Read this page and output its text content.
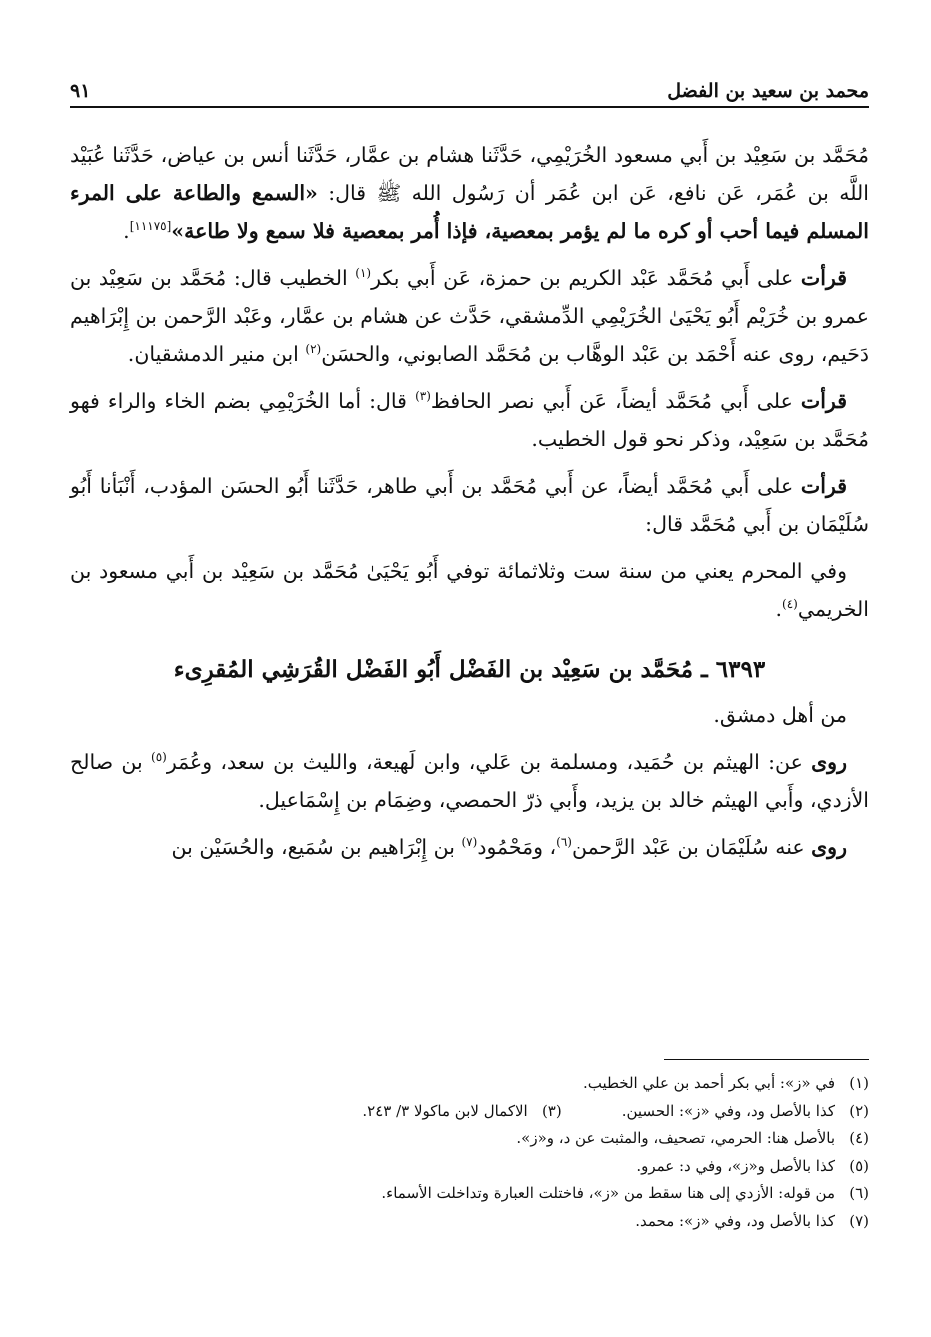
محمد بن سعيد بن الفضل
٩١

مُحَمَّد بن سَعِيْد بن أَبي مسعود الخُرَيْمِي، حَدَّثَنا هشام بن عمَّار، حَدَّثَنا أنس بن عياض، حَدَّثَنا عُبَيْد اللَّه بن عُمَر، عَن نافع، عَن ابن عُمَر أن رَسُول الله ﷺ قال: «السمع والطاعة على المرء المسلم فيما أحب أو كره ما لم يؤمر بمعصية، فإذا أُمر بمعصية فلا سمع ولا طاعة»[١١١٧٥].

قرأت على أَبي مُحَمَّد عَبْد الكريم بن حمزة، عَن أَبي بكر$^{(١)}$ الخطيب قال: مُحَمَّد بن سَعِيْد بن عمرو بن خُرَيْم أَبُو يَحْيَىٰ الخُرَيْمِي الدِّمشقي، حَدَّث عن هشام بن عمَّار، وعَبْد الرَّحمن بن إِبْرَاهيم دَحَيم، روى عنه أَحْمَد بن عَبْد الوهَّاب بن مُحَمَّد الصابوني، والحسَن$^{(٢)}$ ابن منير الدمشقيان.

قرأت على أَبي مُحَمَّد أيضاً، عَن أَبي نصر الحافظ$^{(٣)}$ قال: أما الخُرَيْمِي بضم الخاء والراء فهو مُحَمَّد بن سَعِيْد، وذكر نحو قول الخطيب.

قرأت على أَبي مُحَمَّد أيضاً، عن أَبي مُحَمَّد بن أَبي طاهر، حَدَّثَنا أَبُو الحسَن المؤدب، أَنْبَأنا أَبُو سُلَيْمَان بن أَبي مُحَمَّد قال:

وفي المحرم يعني من سنة ست وثلاثمائة توفي أَبُو يَحْيَىٰ مُحَمَّد بن سَعِيْد بن أَبي مسعود بن الخريمي$^{(٤)}$.

٦٣٩٣ ـ مُحَمَّد بن سَعِيْد بن الفَضْل أَبُو الفَضْل القُرَشِي المُقرِىء

من أهل دمشق.

روى عن: الهيثم بن حُمَيد، ومسلمة بن عَلي، وابن لَهيعة، والليث بن سعد، وعُمَر$^{(٥)}$ بن صالح الأزدي، وأَبي الهيثم خالد بن يزيد، وأَبي ذرّ الحمصي، وضِمَام بن إِسْمَاعيل.

روى عنه سُلَيْمَان بن عَبْد الرَّحمن$^{(٦)}$، ومَحْمُود$^{(٧)}$ بن إِبْرَاهيم بن سُمَيع، والحُسَيْن بن

(١)في «ز»: أبي بكر أحمد بن علي الخطيب.
(٢)كذا بالأصل ود، وفي «ز»: الحسين.
(٣)الاكمال لابن ماكولا ٣/ ٢٤٣.
(٤)بالأصل هنا: الحرمي، تصحيف، والمثبت عن د، و«ز».
(٥)كذا بالأصل و«ز»، وفي د: عمرو.
(٦)من قوله: الأزدي إلى هنا سقط من «ز»، فاختلت العبارة وتداخلت الأسماء.
(٧)كذا بالأصل ود، وفي «ز»: محمد.
